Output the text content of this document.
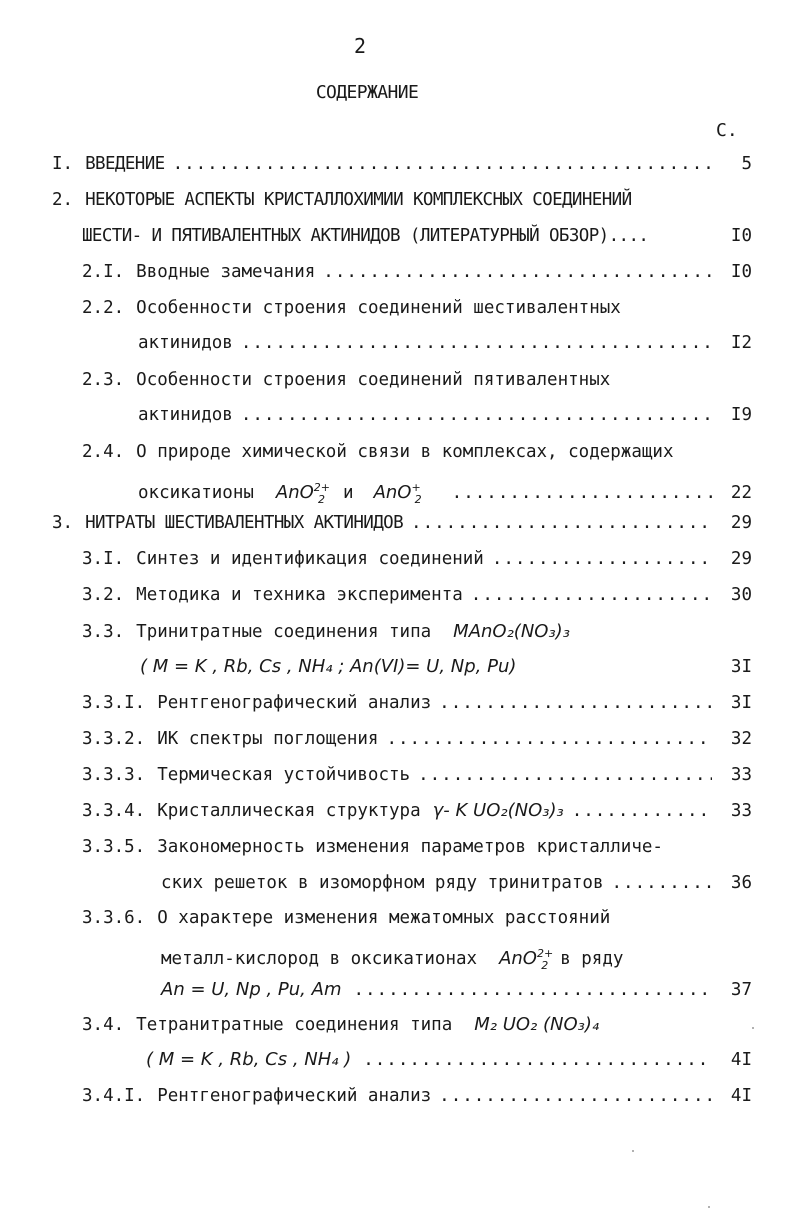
2
СОДЕРЖАНИЕ
С.
I. ВВЕДЕНИЕ .....	5
2. НЕКОТОРЫЕ АСПЕКТЫ КРИСТАЛЛОХИМИИ КОМПЛЕКСНЫХ СОЕДИНЕНИЙ
ШЕСТИ- И ПЯТИВАЛЕНТНЫХ АКТИНИДОВ (ЛИТЕРАТУРНЫЙ ОБЗОР)....	I0
2.I. Вводные замечания .....	I0
2.2. Особенности строения соединений шестивалентных
актинидов .....	I2
2.3. Особенности строения соединений пятивалентных
актинидов .....	I9
2.4. О природе химической связи в комплексах, содержащих
оксикатионы AnO$^{2+}_2$ и AnO+$_2$ .....	22
3. НИТРАТЫ ШЕСТИВАЛЕНТНЫХ АКТИНИДОВ .....	29
3.I. Синтез и идентификация соединений .....	29
3.2. Методика и техника эксперимента .....	30
3.3. Тринитратные соединения типа MAnO₂(NO₃)₃
( M = K , Rb, Cs , NH₄ ; An(VI)= U, Np, Pu)	3I
3.3.I. Рентгенографический анализ .....	3I
3.3.2. ИК спектры поглощения .....	32
3.3.3. Термическая устойчивость .....	33
3.3.4. Кристаллическая структура γ- K UO₂(NO₃)₃ .....	33
3.3.5. Закономерность изменения параметров кристалличе-
ских решеток в изоморфном ряду тринитратов .....	36
3.3.6. О характере изменения межатомных расстояний
металл-кислород в оксикатионах AnO$^{2+}_2$ в ряду
An = U, Np , Pu, Am .....	37
3.4. Тетранитратные соединения типа M₂ UO₂ (NO₃)₄
( M = K , Rb, Cs , NH₄ ) .....	4I
3.4.I. Рентгенографический анализ .....	4I
